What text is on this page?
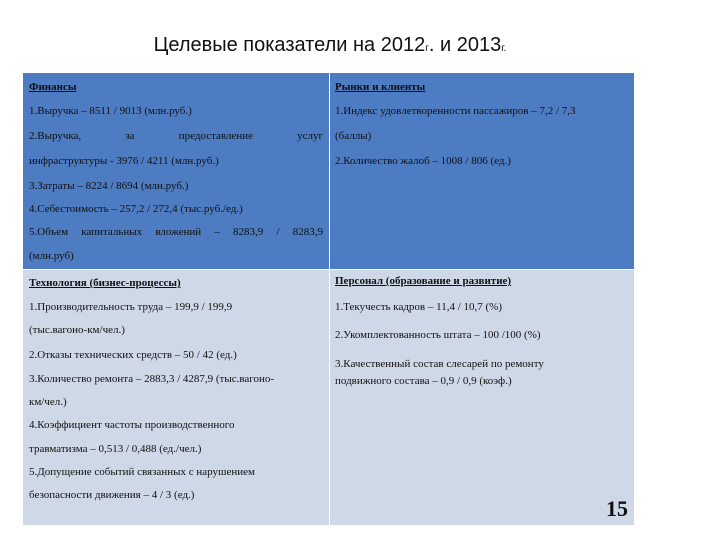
Целевые показатели на 2012г. и 2013г.
Финансы
1.Выручка – 8511 / 9013 (млн.руб.)
2.Выручка, за предоставление услуг
инфраструктуры - 3976 / 4211 (млн.руб.)
3.Затраты – 8224 / 8694 (млн.руб.)
4.Себестоимость – 257,2 / 272,4 (тыс.руб./ед.)
5.Объем капитальных вложений – 8283,9 / 8283,9
(млн.руб)
Рынки и клиенты
1.Индекс удовлетворенности пассажиров – 7,2 / 7,3
(баллы)
2.Количество жалоб – 1008 / 806 (ед.)
Технология (бизнес-процессы)
1.Производительность труда – 199,9 / 199,9
(тыс.вагоно-км/чел.)
2.Отказы технических средств – 50 / 42 (ед.)
3.Количество ремонта – 2883,3 / 4287,9 (тыс.вагоно-
км/чел.)
4.Коэффициент частоты производственного
травматизма – 0,513 / 0,488 (ед./чел.)
5.Допущение событий связанных с нарушением
безопасности движения – 4 / 3 (ед.)
Персонал (образование и развитие)
1.Текучесть кадров – 11,4 / 10,7 (%)
2.Укомплектованность штата – 100 /100 (%)
3.Качественный состав слесарей по ремонту
подвижного состава – 0,9 / 0,9 (коэф.)
15
